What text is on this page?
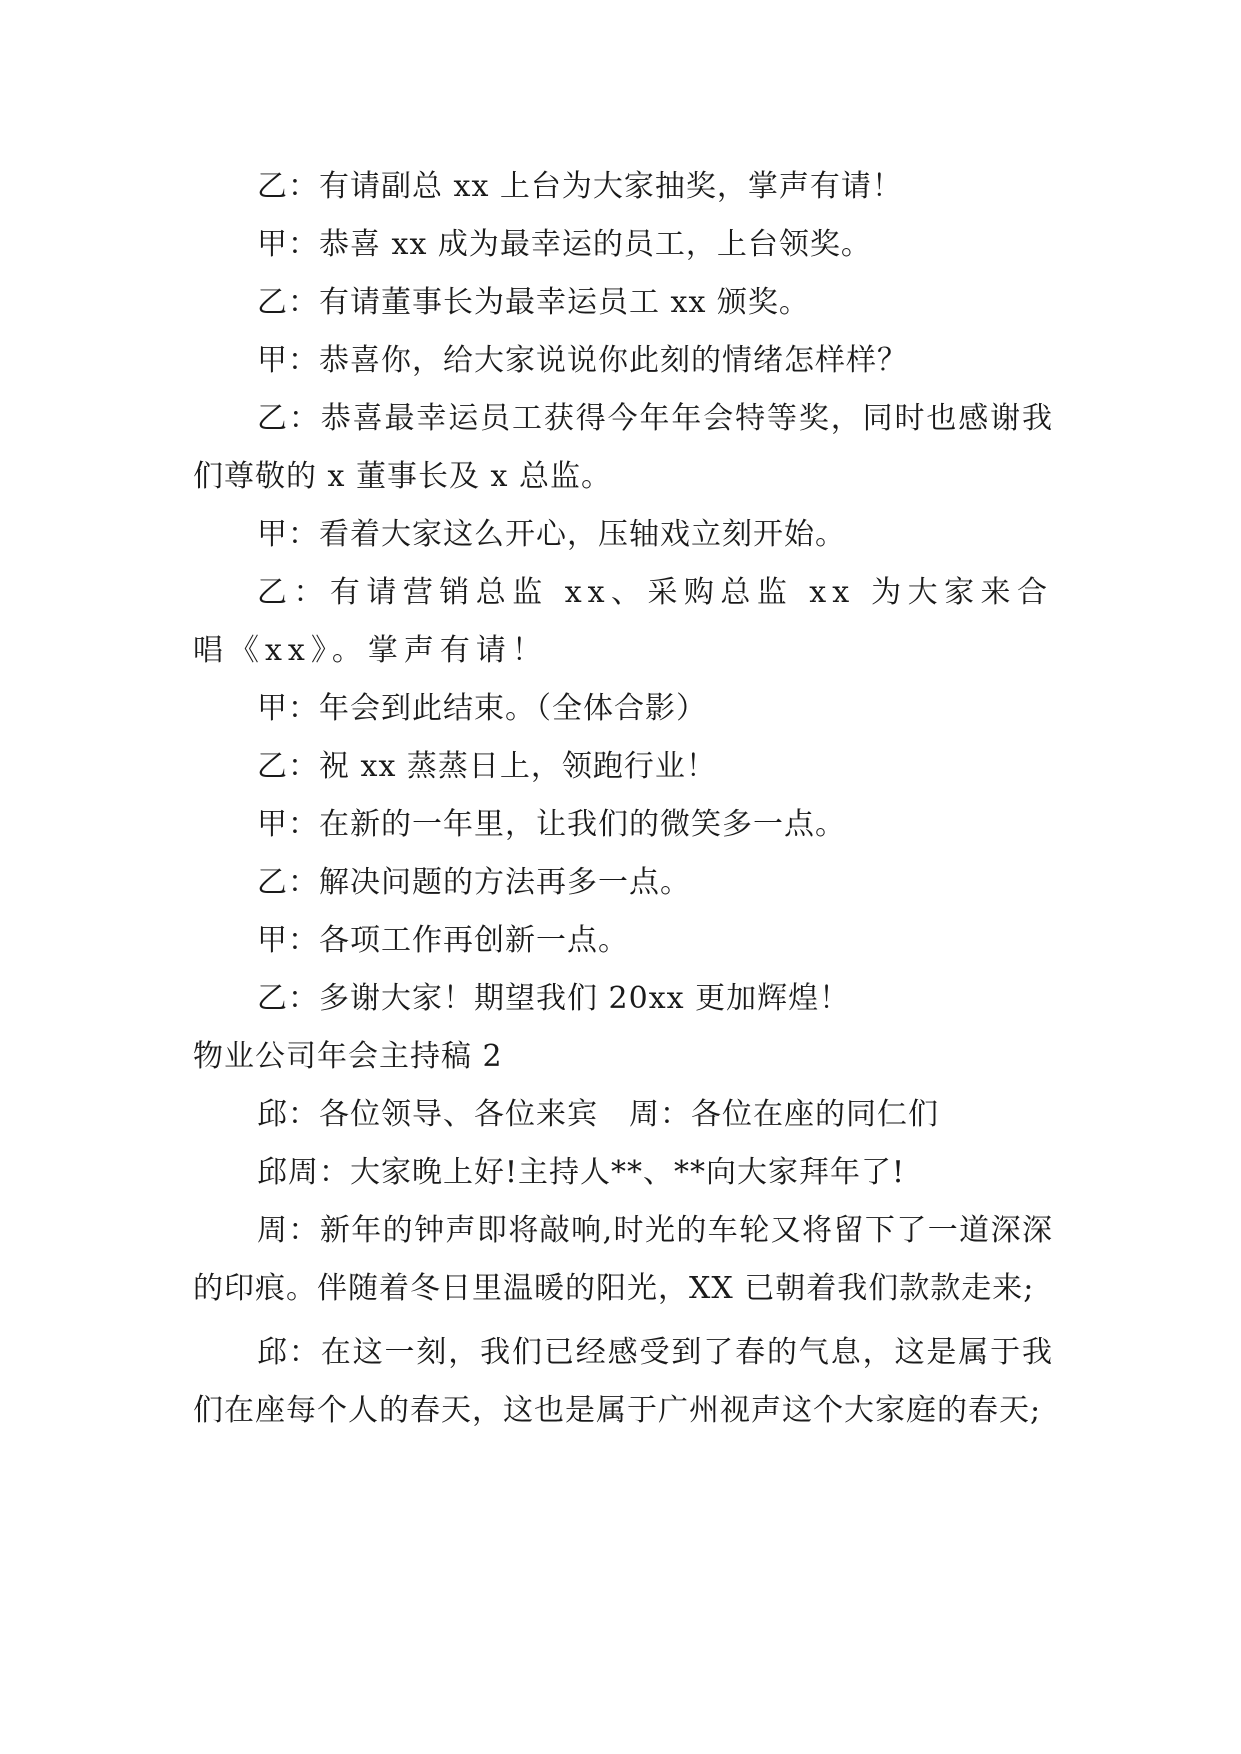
乙：有请副总 xx 上台为大家抽奖，掌声有请！

甲：恭喜 xx 成为最幸运的员工，上台领奖。

乙：有请董事长为最幸运员工 xx 颁奖。

甲：恭喜你，给大家说说你此刻的情绪怎样样？

乙：恭喜最幸运员工获得今年年会特等奖，同时也感谢我们尊敬的 x 董事长及 x 总监。

甲：看着大家这么开心，压轴戏立刻开始。

乙：有请营销总监 xx、采购总监 xx 为大家来合唱《xx》。掌声有请！

甲：年会到此结束。（全体合影）

乙：祝 xx 蒸蒸日上，领跑行业！

甲：在新的一年里，让我们的微笑多一点。

乙：解决问题的方法再多一点。

甲：各项工作再创新一点。

乙：多谢大家！期望我们 20xx 更加辉煌！

物业公司年会主持稿 2

邱：各位领导、各位来宾　周：各位在座的同仁们

邱周：大家晚上好!主持人**、**向大家拜年了!

周：新年的钟声即将敲响,时光的车轮又将留下了一道深深的印痕。伴随着冬日里温暖的阳光，XX 已朝着我们款款走来;

邱：在这一刻，我们已经感受到了春的气息，这是属于我们在座每个人的春天，这也是属于广州视声这个大家庭的春天;
